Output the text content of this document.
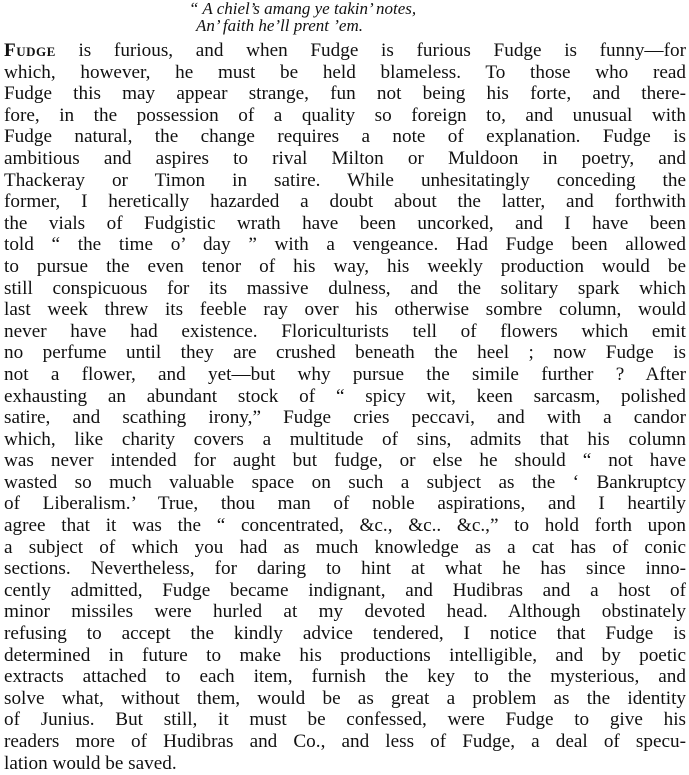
“ A chiel’s amang ye takin’ notes,
An’ faith he’ll prent ’em.
Fudge is furious, and when Fudge is furious Fudge is funny—for
which, however, he must be held blameless. To those who read
Fudge this may appear strange, fun not being his forte, and there-
fore, in the possession of a quality so foreign to, and unusual with
Fudge natural, the change requires a note of explanation. Fudge is
ambitious and aspires to rival Milton or Muldoon in poetry, and
Thackeray or Timon in satire. While unhesitatingly conceding the
former, I heretically hazarded a doubt about the latter, and forthwith
the vials of Fudgistic wrath have been uncorked, and I have been
told “ the time o’ day ” with a vengeance. Had Fudge been allowed
to pursue the even tenor of his way, his weekly production would be
still conspicuous for its massive dulness, and the solitary spark which
last week threw its feeble ray over his otherwise sombre column, would
never have had existence. Floriculturists tell of flowers which emit
no perfume until they are crushed beneath the heel ; now Fudge is
not a flower, and yet—but why pursue the simile further ? After
exhausting an abundant stock of “ spicy wit, keen sarcasm, polished
satire, and scathing irony,” Fudge cries peccavi, and with a candor
which, like charity covers a multitude of sins, admits that his column
was never intended for aught but fudge, or else he should “ not have
wasted so much valuable space on such a subject as the ‘ Bankruptcy
of Liberalism.’ True, thou man of noble aspirations, and I heartily
agree that it was the “ concentrated, &c., &c.. &c.,” to hold forth upon
a subject of which you had as much knowledge as a cat has of conic
sections. Nevertheless, for daring to hint at what he has since inno-
cently admitted, Fudge became indignant, and Hudibras and a host of
minor missiles were hurled at my devoted head. Although obstinately
refusing to accept the kindly advice tendered, I notice that Fudge is
determined in future to make his productions intelligible, and by poetic
extracts attached to each item, furnish the key to the mysterious, and
solve what, without them, would be as great a problem as the identity
of Junius. But still, it must be confessed, were Fudge to give his
readers more of Hudibras and Co., and less of Fudge, a deal of specu-
lation would be saved.
